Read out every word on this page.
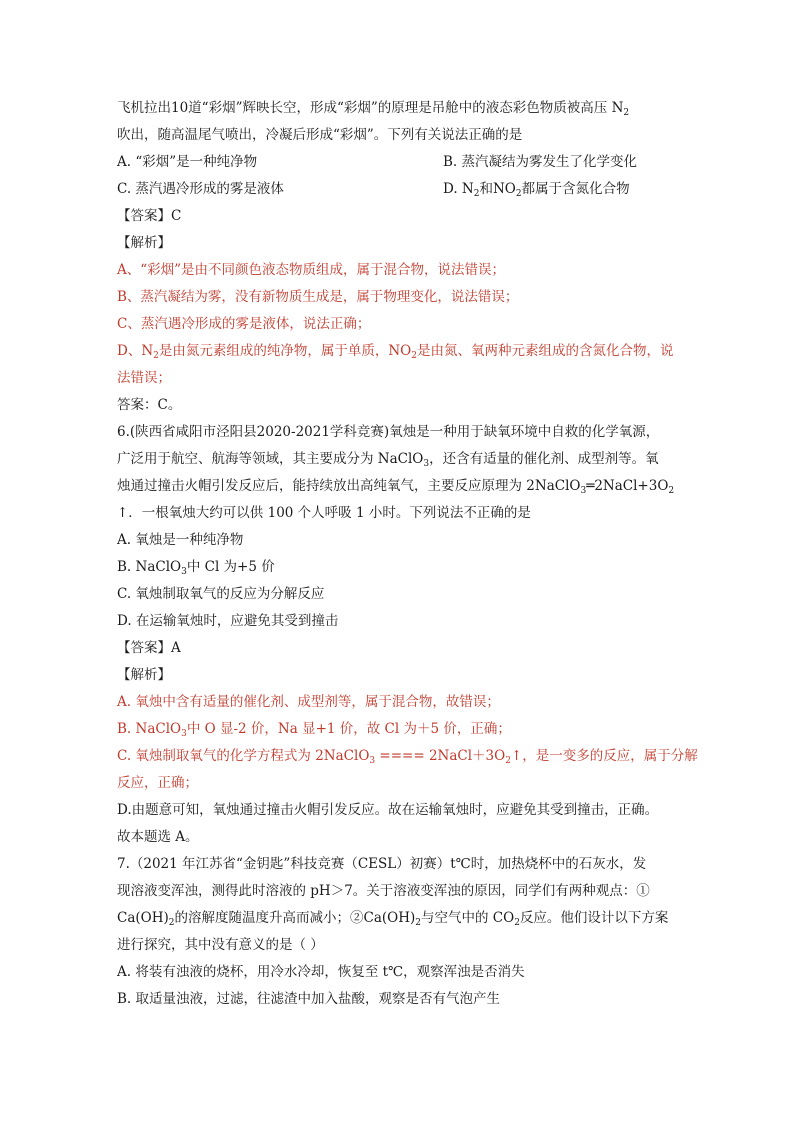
飞机拉出10道“彩烟”辉映长空，形成“彩烟”的原理是吊舱中的液态彩色物质被高压 $N_2$
吹出，随高温尾气喷出，冷凝后形成“彩烟”。下列有关说法正确的是
A. “彩烟”是一种纯净物	B. 蒸汽凝结为雾发生了化学变化
C. 蒸汽遇冷形成的雾是液体	D. $N_2$和$NO_2$都属于含氮化合物
【答案】C
【解析】
A、“彩烟”是由不同颜色液态物质组成，属于混合物，说法错误；
B、蒸汽凝结为雾，没有新物质生成是，属于物理变化，说法错误；
C、蒸汽遇冷形成的雾是液体，说法正确；
D、$N_2$是由氮元素组成的纯净物，属于单质，$NO_2$是由氮、氧两种元素组成的含氮化合物，说
法错误；
答案：C。
6.(陕西省咸阳市泾阳县2020-2021学科竞赛)氧烛是一种用于缺氧环境中自救的化学氧源，
广泛用于航空、航海等领域，其主要成分为 NaClO$_3$，还含有适量的催化剂、成型剂等。氧
烛通过撞击火帽引发反应后，能持续放出高纯氧气，主要反应原理为 $2NaClO_3═2NaCl+3O_2$
↑．一根氧烛大约可以供 100 个人呼吸 1 小时。下列说法不正确的是
A. 氧烛是一种纯净物
B. NaClO$_3$中 Cl 为+5 价
C. 氧烛制取氧气的反应为分解反应
D. 在运输氧烛时，应避免其受到撞击
【答案】A
【解析】
A. 氧烛中含有适量的催化剂、成型剂等，属于混合物，故错误；
B. NaClO$_3$中 O 显-2 价，Na 显+1 价，故 Cl 为＋5 价，正确；
C. 氧烛制取氧气的化学方程式为 2NaClO$_3$ ==== $2NaCl+3O_2↑$，是一变多的反应，属于分解
反应，正确；
D.由题意可知，氧烛通过撞击火帽引发反应。故在运输氧烛时，应避免其受到撞击，正确。
故本题选 A。
7.（2021 年江苏省“金钥匙”科技竞赛（CESL）初赛）t℃时，加热烧杯中的石灰水，发
现溶液变浑浊，测得此时溶液的 pH＞7。关于溶液变浑浊的原因，同学们有两种观点：①
$Ca(OH)_2$的溶解度随温度升高而减小；$②Ca(OH)_2$与空气中的 $CO_2$反应。他们设计以下方案
进行探究，其中没有意义的是（ ）
A. 将装有浊液的烧杯，用冷水冷却，恢复至 t℃，观察浑浊是否消失
B. 取适量浊液，过滤，往滤渣中加入盐酸，观察是否有气泡产生
